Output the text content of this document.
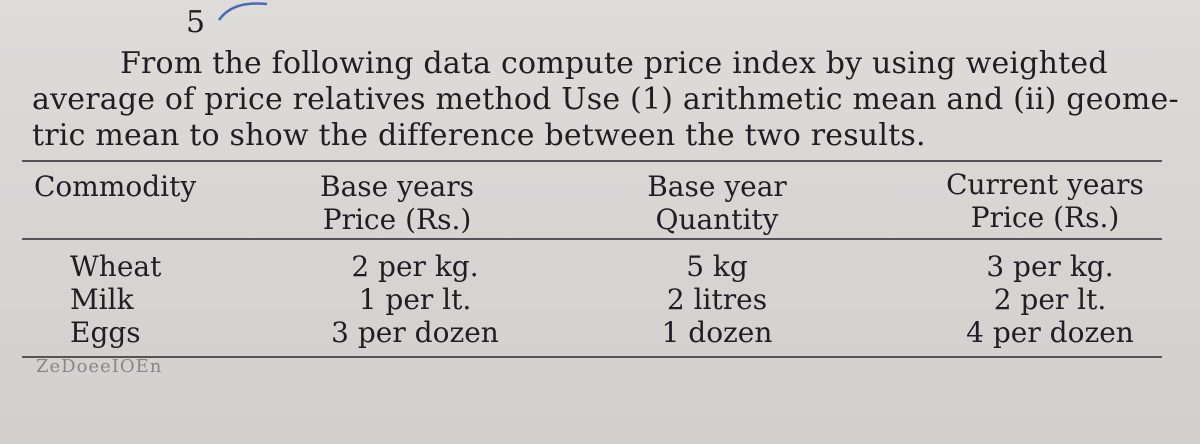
5
From the following data compute price index by using weighted
average of price relatives method Use (1) arithmetic mean and (ii) geome-
tric mean to show the difference between the two results.
Commodity	Base years
Price (Rs.)
Base year
Quantity
Current years
Price (Rs.)
Wheat
Milk
Eggs
2 per kg.
1 per lt.
3 per dozen
5 kg
2 litres
1 dozen
3 per kg.
2 per lt.
4 per dozen
ZeDoeeIOEn
